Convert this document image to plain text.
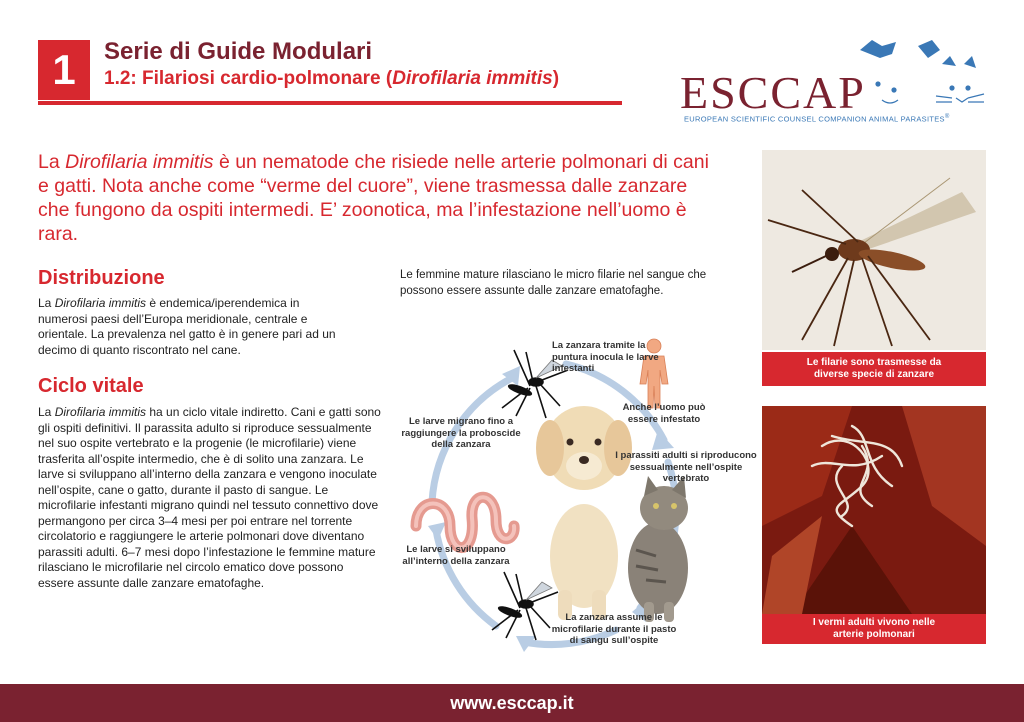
1	Serie di Guide Modulari
1.2: Filariosi cardio-polmonare (Dirofilaria immitis)	ESCCAP
EUROPEAN SCIENTIFIC COUNSEL COMPANION ANIMAL PARASITES®
La Dirofilaria immitis è un nematode che risiede nelle arterie polmonari di cani e gatti. Nota anche come “verme del cuore”, viene trasmessa dalle zanzare che fungono da ospiti intermedi. E’ zoonotica, ma l’infestazione nell’uomo è rara.
Distribuzione
La Dirofilaria immitis è endemica/iperendemica in numerosi paesi dell’Europa meridionale, centrale e orientale. La prevalenza nel gatto è in genere pari ad un decimo di quanto riscontrato nel cane.
Ciclo vitale
La Dirofilaria immitis ha un ciclo vitale indiretto. Cani e gatti sono gli ospiti definitivi. Il parassita adulto si riproduce sessualmente nel suo ospite vertebrato e la progenie (le microfilarie) viene trasferita all’ospite intermedio, che è di solito una zanzara. Le larve si sviluppano all’interno della zanzara e vengono inoculate nell’ospite, cane o gatto, durante il pasto di sangue. Le microfilarie infestanti migrano quindi nel tessuto connettivo dove permangono per circa 3–4 mesi per poi entrare nel torrente circolatorio e raggiungere le arterie polmonari dove diventano parassiti adulti. 6–7 mesi dopo l’infestazione le femmine mature rilasciano le microfilarie nel circolo ematico dove possono essere assunte dalle zanzare ematofaghe.
Le femmine mature rilasciano le micro filarie nel sangue che possono essere assunte dalle zanzare ematofaghe.
La zanzara tramite la puntura inocula le larve infestanti
Anche l’uomo può essere infestato
I parassiti adulti si riproducono sessualmente nell’ospite vertebrato
La zanzara assume le microfilarie durante il pasto di sangu sull’ospite
Le larve si sviluppano all’interno della zanzara
Le larve migrano fino a raggiungere la proboscide della zanzara
Le filarie sono trasmesse da diverse specie di zanzare
I vermi adulti vivono nelle arterie polmonari
www.esccap.it
